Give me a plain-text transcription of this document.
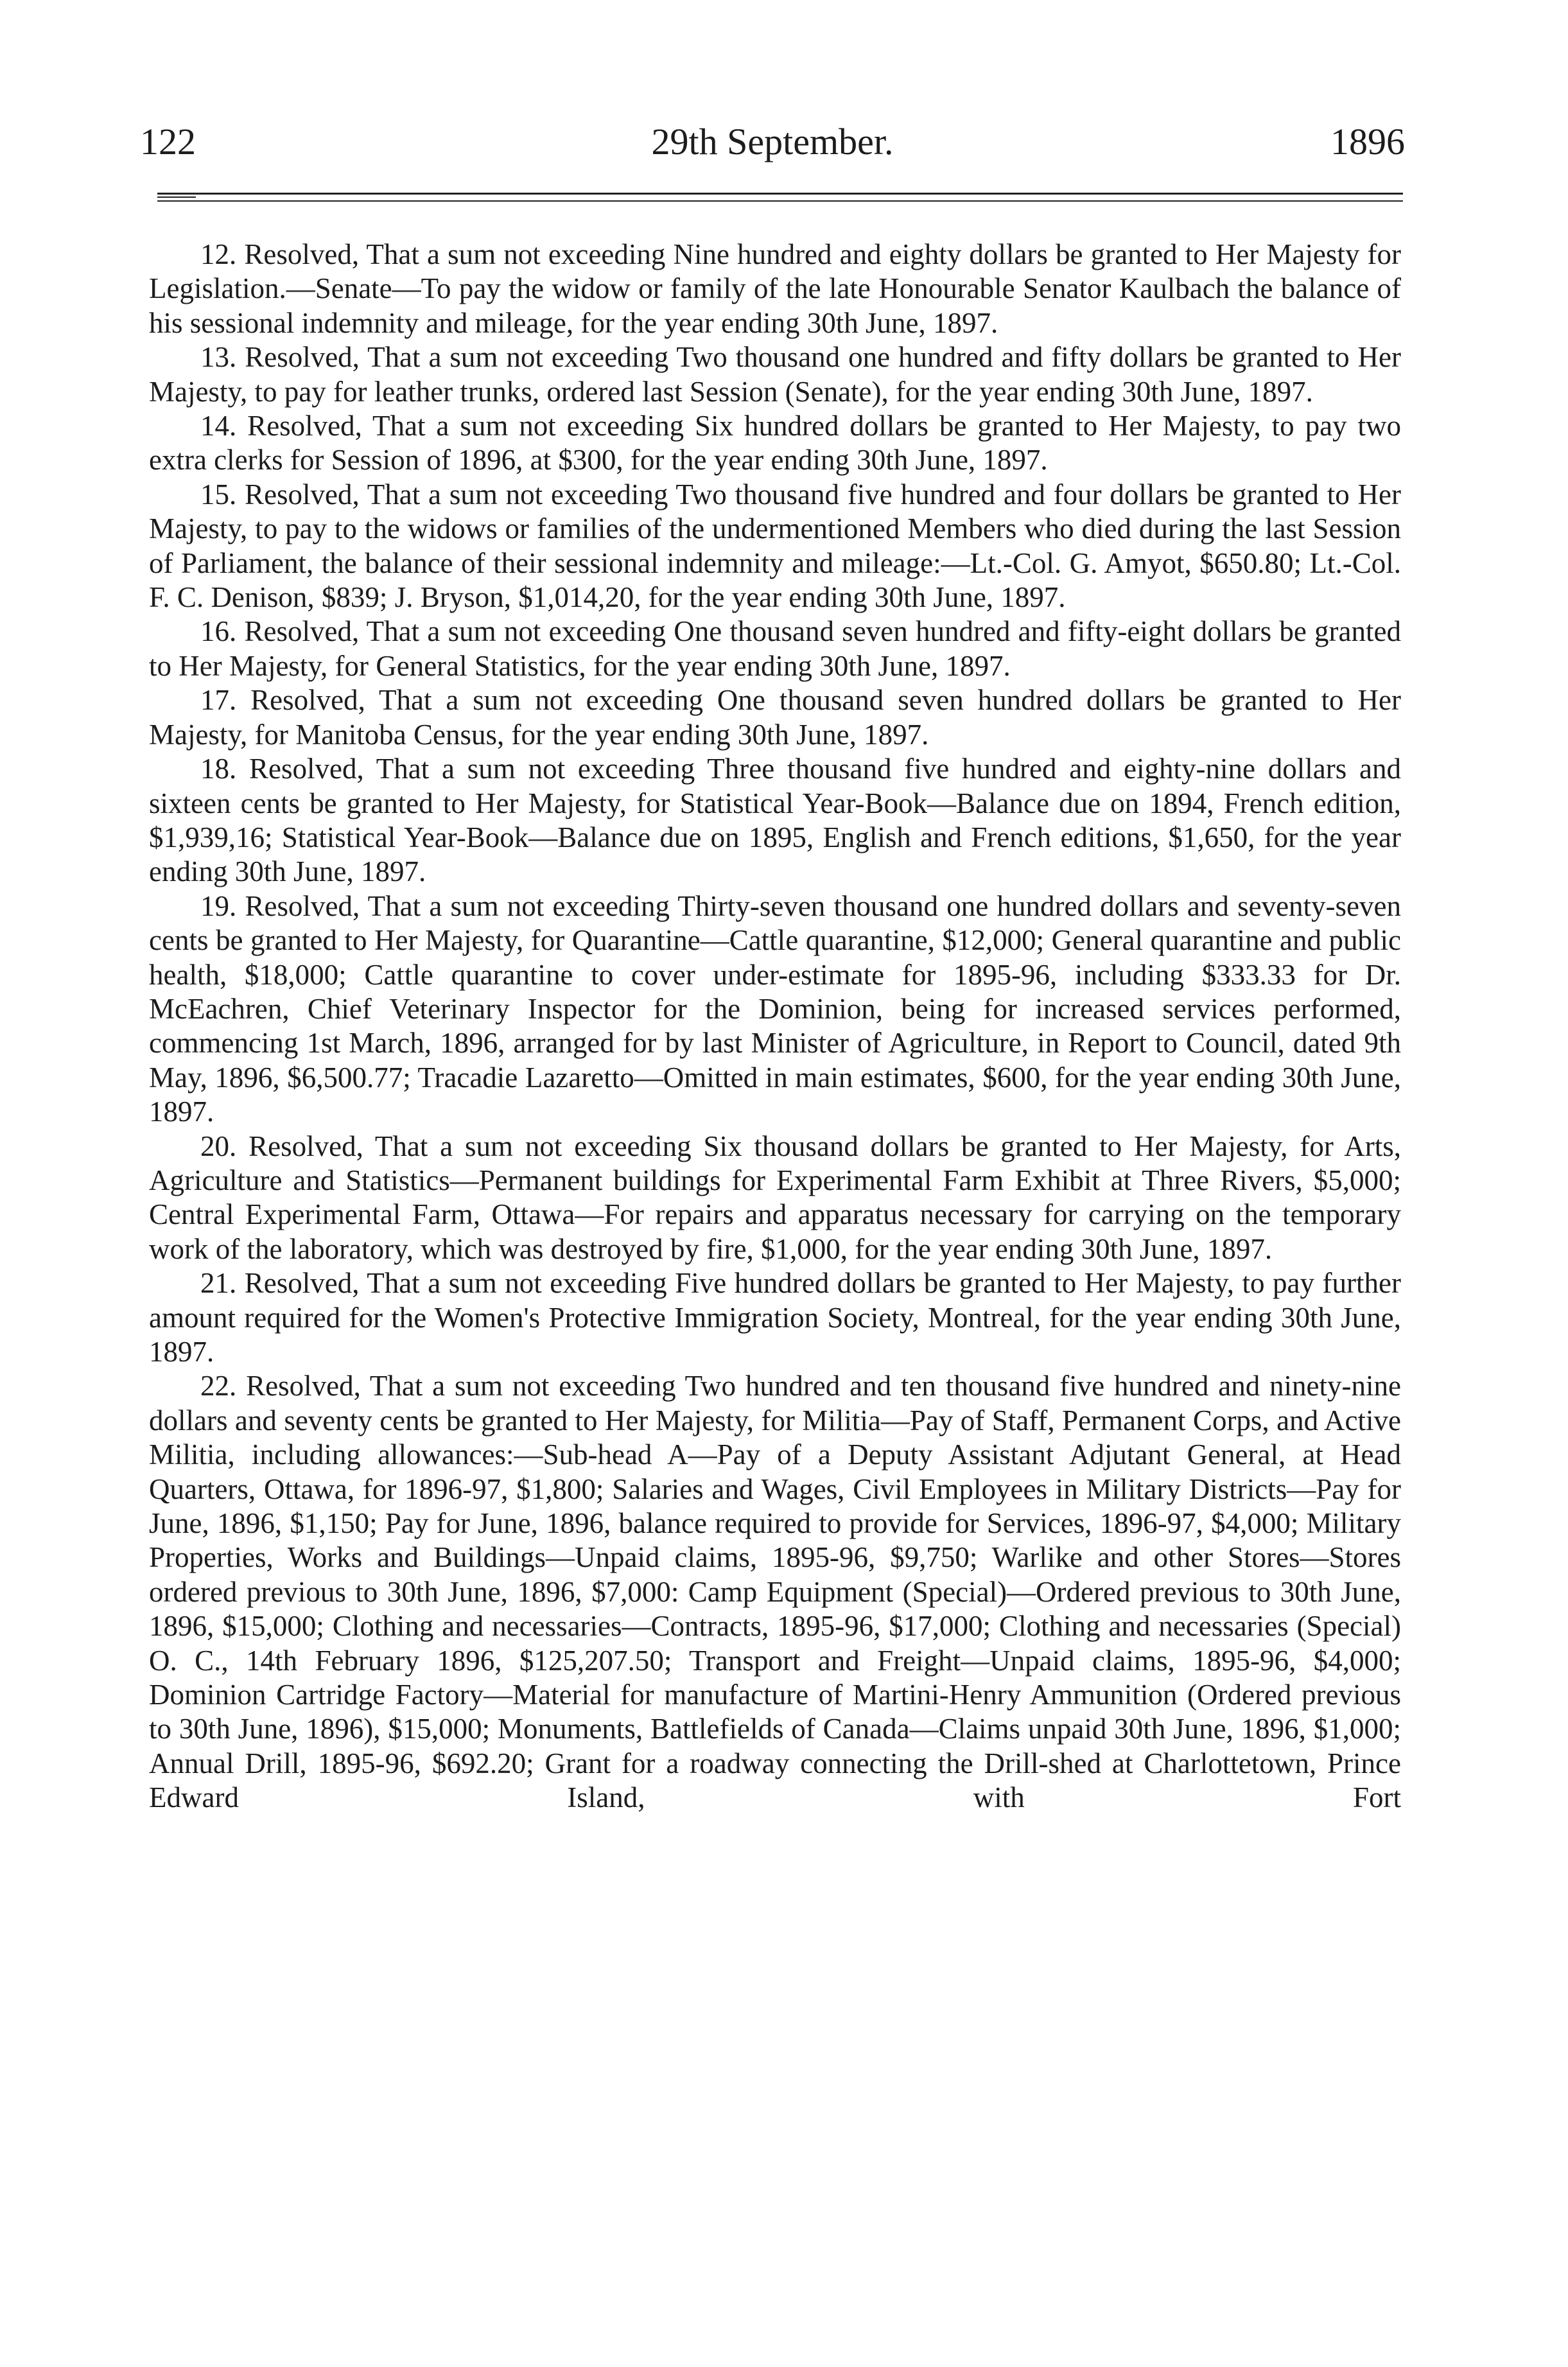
122	29th September.	1896

12. Resolved, That a sum not exceeding Nine hundred and eighty dollars be granted to Her Majesty for Legislation.—Senate—To pay the widow or family of the late Honourable Senator Kaulbach the balance of his sessional indemnity and mileage, for the year ending 30th June, 1897.

13. Resolved, That a sum not exceeding Two thousand one hundred and fifty dollars be granted to Her Majesty, to pay for leather trunks, ordered last Session (Senate), for the year ending 30th June, 1897.

14. Resolved, That a sum not exceeding Six hundred dollars be granted to Her Majesty, to pay two extra clerks for Session of 1896, at $300, for the year ending 30th June, 1897.

15. Resolved, That a sum not exceeding Two thousand five hundred and four dollars be granted to Her Majesty, to pay to the widows or families of the undermentioned Members who died during the last Session of Parliament, the balance of their sessional indemnity and mileage:—Lt.-Col. G. Amyot, $650.80; Lt.-Col. F. C. Denison, $839; J. Bryson, $1,014,20, for the year ending 30th June, 1897.

16. Resolved, That a sum not exceeding One thousand seven hundred and fifty-eight dollars be granted to Her Majesty, for General Statistics, for the year ending 30th June, 1897.

17. Resolved, That a sum not exceeding One thousand seven hundred dollars be granted to Her Majesty, for Manitoba Census, for the year ending 30th June, 1897.

18. Resolved, That a sum not exceeding Three thousand five hundred and eighty-nine dollars and sixteen cents be granted to Her Majesty, for Statistical Year-Book—Balance due on 1894, French edition, $1,939,16; Statistical Year-Book—Balance due on 1895, English and French editions, $1,650, for the year ending 30th June, 1897.

19. Resolved, That a sum not exceeding Thirty-seven thousand one hundred dollars and seventy-seven cents be granted to Her Majesty, for Quarantine—Cattle quarantine, $12,000; General quarantine and public health, $18,000; Cattle quarantine to cover under-estimate for 1895-96, including $333.33 for Dr. McEachren, Chief Veterinary Inspector for the Dominion, being for increased services performed, commencing 1st March, 1896, arranged for by last Minister of Agriculture, in Report to Council, dated 9th May, 1896, $6,500.77; Tracadie Lazaretto—Omitted in main estimates, $600, for the year ending 30th June, 1897.

20. Resolved, That a sum not exceeding Six thousand dollars be granted to Her Majesty, for Arts, Agriculture and Statistics—Permanent buildings for Experimental Farm Exhibit at Three Rivers, $5,000; Central Experimental Farm, Ottawa—For repairs and apparatus necessary for carrying on the temporary work of the laboratory, which was destroyed by fire, $1,000, for the year ending 30th June, 1897.

21. Resolved, That a sum not exceeding Five hundred dollars be granted to Her Majesty, to pay further amount required for the Women's Protective Immigration Society, Montreal, for the year ending 30th June, 1897.

22. Resolved, That a sum not exceeding Two hundred and ten thousand five hundred and ninety-nine dollars and seventy cents be granted to Her Majesty, for Militia—Pay of Staff, Permanent Corps, and Active Militia, including allowances:—Sub-head A—Pay of a Deputy Assistant Adjutant General, at Head Quarters, Ottawa, for 1896-97, $1,800; Salaries and Wages, Civil Employees in Military Districts—Pay for June, 1896, $1,150; Pay for June, 1896, balance required to provide for Services, 1896-97, $4,000; Military Properties, Works and Buildings—Unpaid claims, 1895-96, $9,750; Warlike and other Stores—Stores ordered previous to 30th June, 1896, $7,000: Camp Equipment (Special)—Ordered previous to 30th June, 1896, $15,000; Clothing and necessaries—Contracts, 1895-96, $17,000; Clothing and necessaries (Special) O. C., 14th February 1896, $125,207.50; Transport and Freight—Unpaid claims, 1895-96, $4,000; Dominion Cartridge Factory—Material for manufacture of Martini-Henry Ammunition (Ordered previous to 30th June, 1896), $15,000; Monuments, Battlefields of Canada—Claims unpaid 30th June, 1896, $1,000; Annual Drill, 1895-96, $692.20; Grant for a roadway connecting the Drill-shed at Charlottetown, Prince Edward Island, with Fort
